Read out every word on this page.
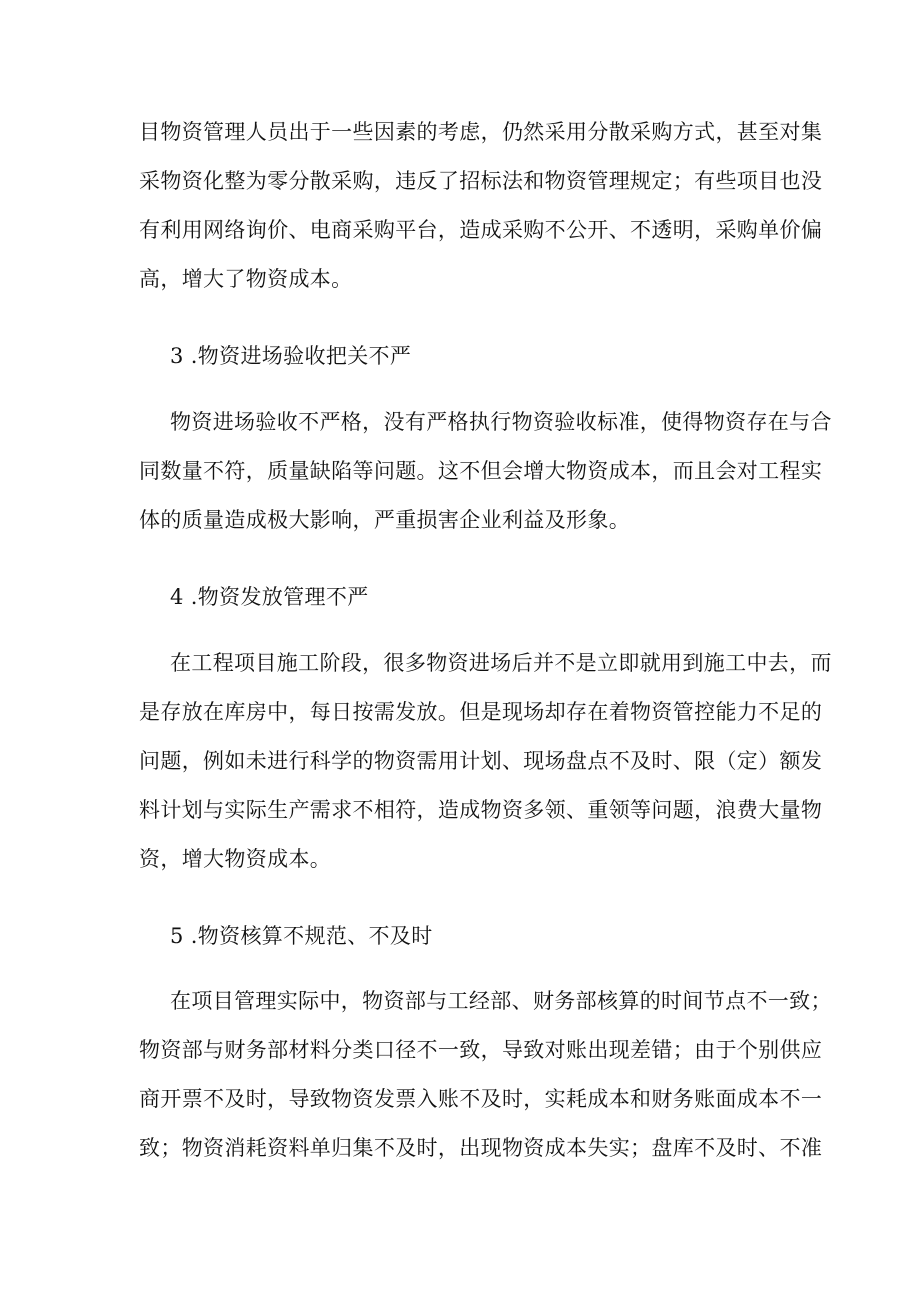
目物资管理人员出于一些因素的考虑，仍然采用分散采购方式，甚至对集
采物资化整为零分散采购，违反了招标法和物资管理规定；有些项目也没
有利用网络询价、电商采购平台，造成采购不公开、不透明，采购单价偏
高，增大了物资成本。
3 .物资进场验收把关不严
物资进场验收不严格，没有严格执行物资验收标准，使得物资存在与合
同数量不符，质量缺陷等问题。这不但会增大物资成本，而且会对工程实
体的质量造成极大影响，严重损害企业利益及形象。
4 .物资发放管理不严
在工程项目施工阶段，很多物资进场后并不是立即就用到施工中去，而
是存放在库房中，每日按需发放。但是现场却存在着物资管控能力不足的
问题，例如未进行科学的物资需用计划、现场盘点不及时、限（定）额发
料计划与实际生产需求不相符，造成物资多领、重领等问题，浪费大量物
资，增大物资成本。
5 .物资核算不规范、不及时
在项目管理实际中，物资部与工经部、财务部核算的时间节点不一致；
物资部与财务部材料分类口径不一致，导致对账出现差错；由于个别供应
商开票不及时，导致物资发票入账不及时，实耗成本和财务账面成本不一
致；物资消耗资料单归集不及时，出现物资成本失实；盘库不及时、不准
